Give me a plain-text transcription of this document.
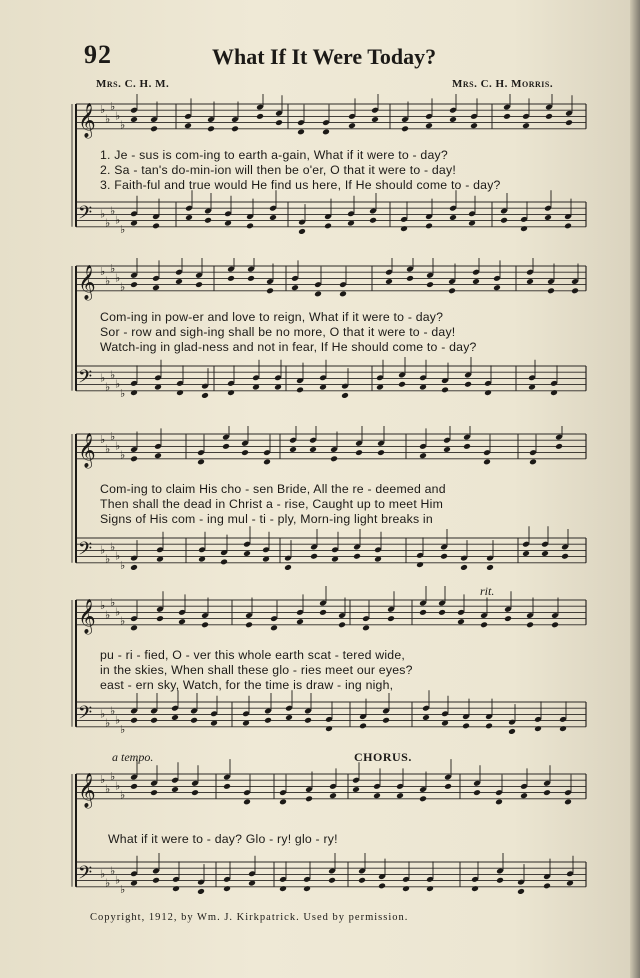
92	What If It Were Today?
Mrs. C. H. M.	Mrs. C. H. Morris.
𝄞 ♭
♭
♭
♭
♭
𝄢 ♭
♭
♭
♭
♭
1. Je - sus is com-ing to earth a-gain, What if it were to - day?
2. Sa - tan's do-min-ion will then be o'er, O that it were to - day!
3. Faith-ful and true would He find us here, If He should come to - day?
𝄞 ♭
♭
♭
♭
♭
𝄢 ♭
♭
♭
♭
♭
Com-ing in pow-er and love to reign, What if it were to - day?
Sor - row and sigh-ing shall be no more, O that it were to - day!
Watch-ing in glad-ness and not in fear, If He should come to - day?
𝄞 ♭
♭
♭
♭
♭
𝄢 ♭
♭
♭
♭
♭
Com-ing to claim His cho - sen Bride, All the re - deemed and
Then shall the dead in Christ a - rise, Caught up to meet Him
Signs of His com - ing mul - ti - ply, Morn-ing light breaks in
rit.
𝄞 ♭
♭
♭
♭
♭
𝄢 ♭
♭
♭
♭
♭
pu - ri - fied, O - ver this whole earth scat - tered wide,
in the skies, When shall these glo - ries meet our eyes?
east - ern sky, Watch, for the time is draw - ing nigh,
a tempo.	CHORUS.
𝄞 ♭
♭
♭
♭
♭
𝄢 ♭
♭
♭
♭
♭
What if it were to - day? Glo - ry! glo - ry!
Copyright, 1912, by Wm. J. Kirkpatrick. Used by permission.
